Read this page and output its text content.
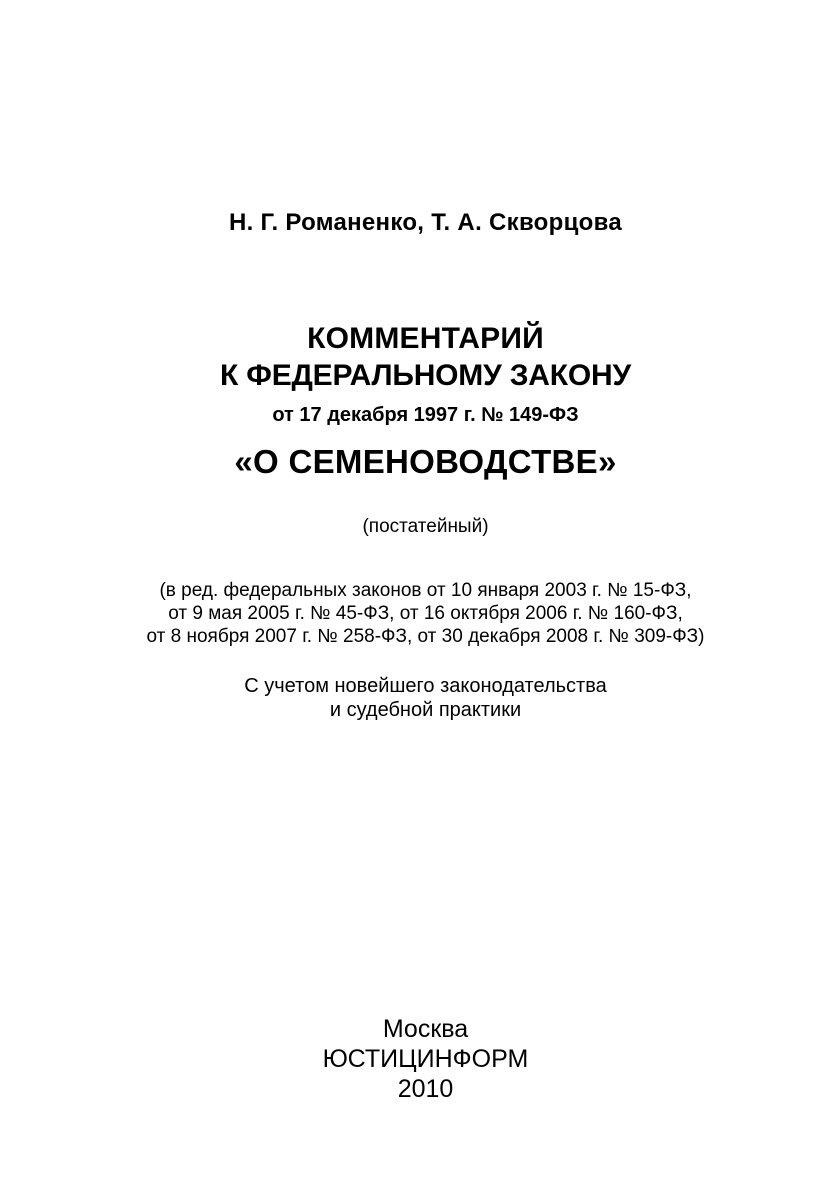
Н. Г. Романенко, Т. А. Скворцова
КОММЕНТАРИЙ
К ФЕДЕРАЛЬНОМУ ЗАКОНУ
от 17 декабря 1997 г. № 149-ФЗ
«О СЕМЕНОВОДСТВЕ»
(постатейный)
(в ред. федеральных законов от 10 января 2003 г. № 15-ФЗ,
от 9 мая 2005 г. № 45-ФЗ, от 16 октября 2006 г. № 160-ФЗ,
от 8 ноября 2007 г. № 258-ФЗ, от 30 декабря 2008 г. № 309-ФЗ)
С учетом новейшего законодательства
и судебной практики
Москва
ЮСТИЦИНФОРМ
2010
